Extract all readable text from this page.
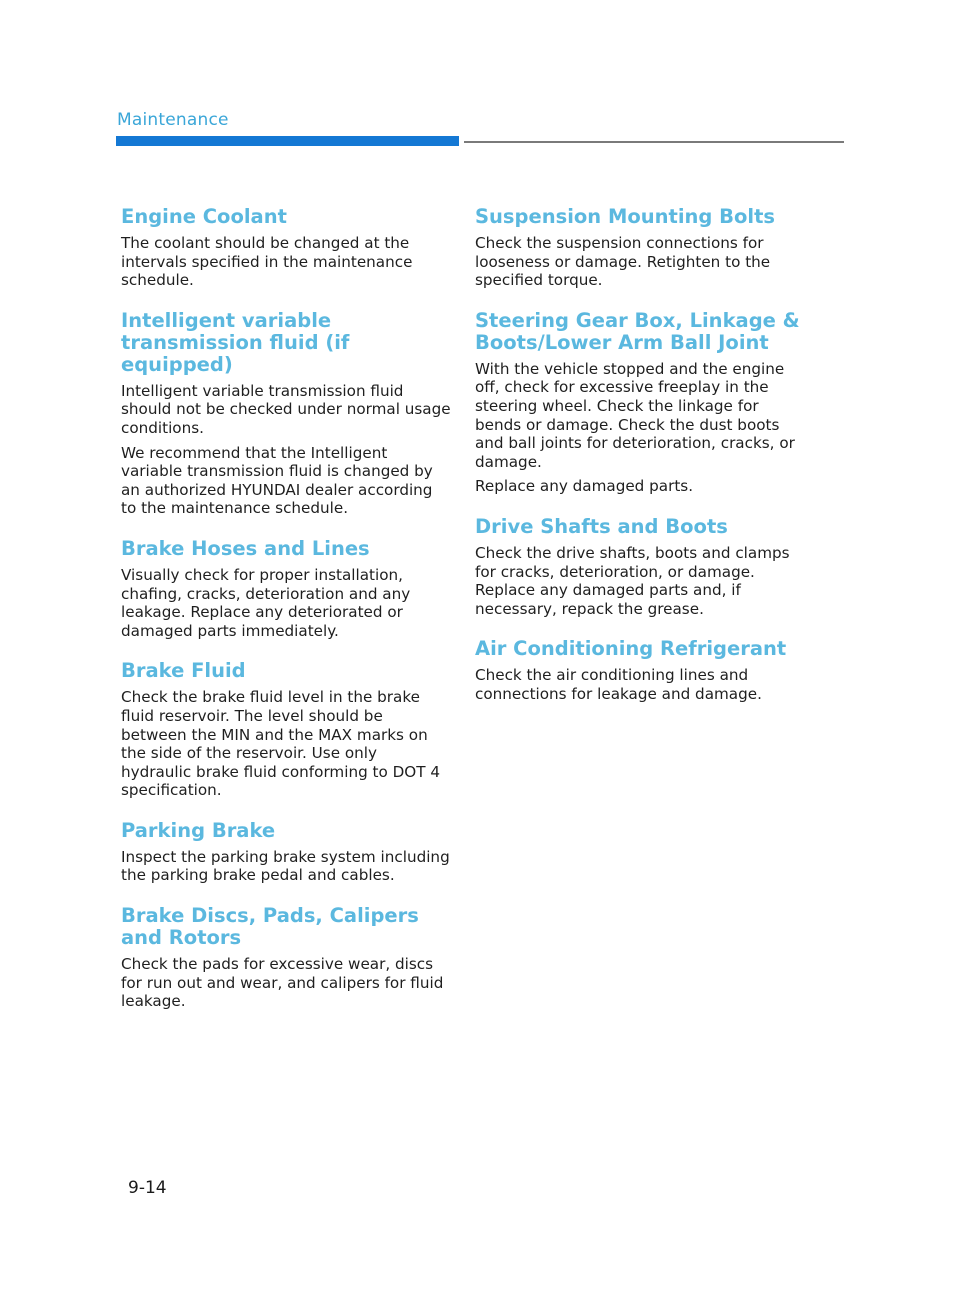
Maintenance
Engine Coolant

The coolant should be changed at the intervals specified in the maintenance schedule.

Intelligent variable transmission fluid (if equipped)

Intelligent variable transmission fluid should not be checked under normal usage conditions.

We recommend that the Intelligent variable transmission fluid is changed by an authorized HYUNDAI dealer according to the maintenance schedule.

Brake Hoses and Lines

Visually check for proper installation, chafing, cracks, deterioration and any leakage. Replace any deteriorated or damaged parts immediately.

Brake Fluid

Check the brake fluid level in the brake fluid reservoir. The level should be between the MIN and the MAX marks on the side of the reservoir. Use only hydraulic brake fluid conforming to DOT 4 specification.

Parking Brake

Inspect the parking brake system including the parking brake pedal and cables.

Brake Discs, Pads, Calipers and Rotors

Check the pads for excessive wear, discs for run out and wear, and calipers for fluid leakage.

Suspension Mounting Bolts

Check the suspension connections for looseness or damage. Retighten to the specified torque.

Steering Gear Box, Linkage & Boots/Lower Arm Ball Joint

With the vehicle stopped and the engine off, check for excessive freeplay in the steering wheel. Check the linkage for bends or damage. Check the dust boots and ball joints for deterioration, cracks, or damage.

Replace any damaged parts.

Drive Shafts and Boots

Check the drive shafts, boots and clamps for cracks, deterioration, or damage. Replace any damaged parts and, if necessary, repack the grease.

Air Conditioning Refrigerant

Check the air conditioning lines and connections for leakage and damage.

9-14
